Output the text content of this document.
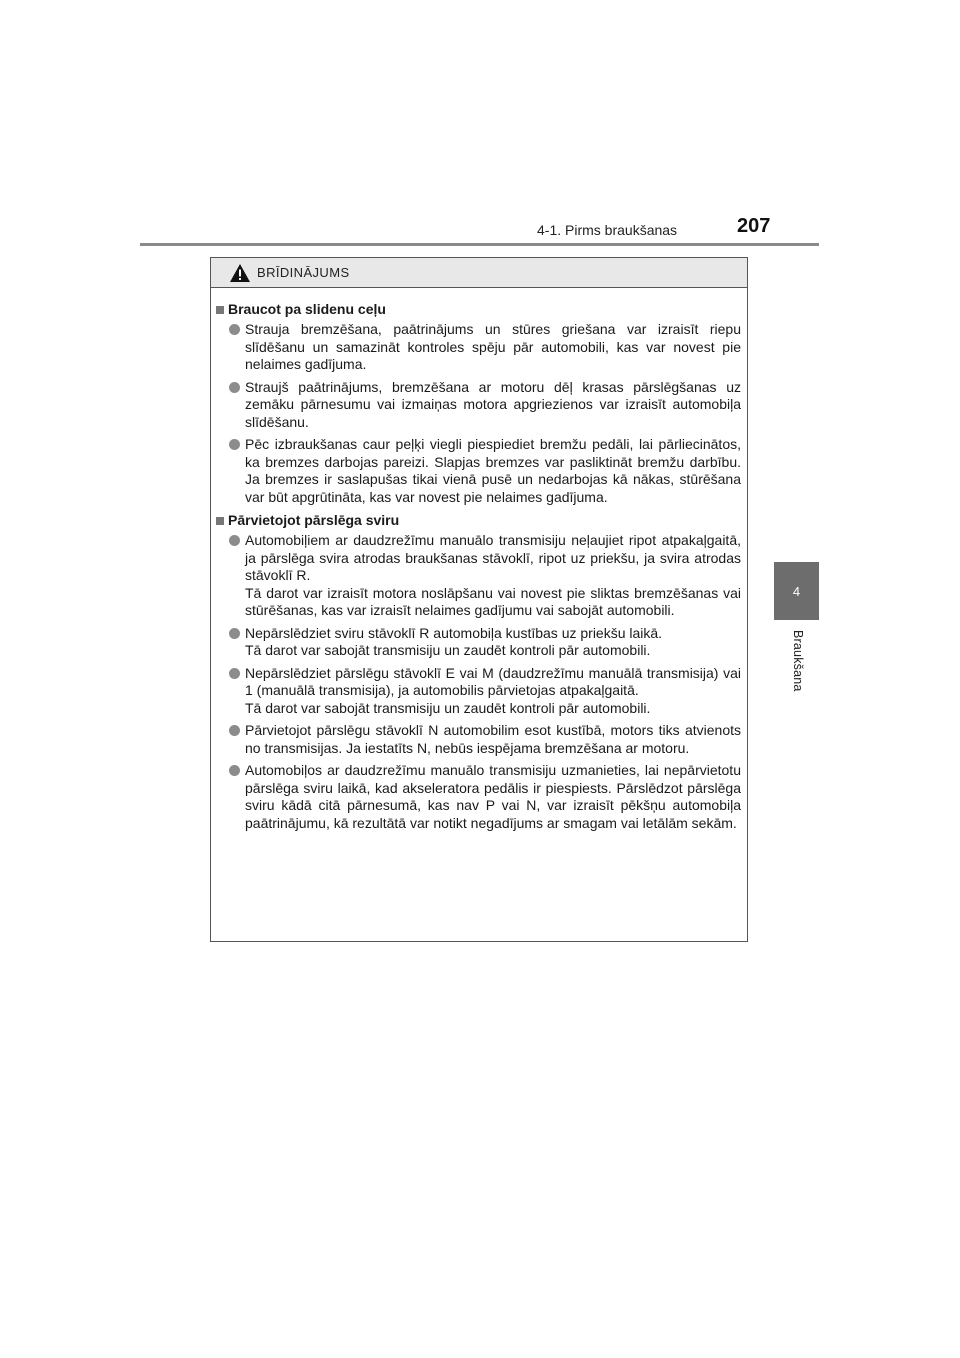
4-1. Pirms braukšanas	207
4
Braukšana
BRĪDINĀJUMS
Braucot pa slidenu ceļu
Strauja bremzēšana, paātrinājums un stūres griešana var izraisīt riepu slīdēšanu un samazināt kontroles spēju pār automobili, kas var novest pie nelaimes gadījuma.
Straujš paātrinājums, bremzēšana ar motoru dēļ krasas pārslēgšanas uz zemāku pārnesumu vai izmaiņas motora apgriezienos var izraisīt automobiļa slīdēšanu.
Pēc izbraukšanas caur peļķi viegli piespiediet bremžu pedāli, lai pārliecinātos, ka bremzes darbojas pareizi. Slapjas bremzes var pasliktināt bremžu darbību. Ja bremzes ir saslapušas tikai vienā pusē un nedarbojas kā nākas, stūrēšana var būt apgrūtināta, kas var novest pie nelaimes gadījuma.
Pārvietojot pārslēga sviru
Automobiļiem ar daudzrežīmu manuālo transmisiju neļaujiet ripot atpakaļgaitā, ja pārslēga svira atrodas braukšanas stāvoklī, ripot uz priekšu, ja svira atrodas stāvoklī R.
Tā darot var izraisīt motora noslāpšanu vai novest pie sliktas bremzēšanas vai stūrēšanas, kas var izraisīt nelaimes gadījumu vai sabojāt automobili.
Nepārslēdziet sviru stāvoklī R automobiļa kustības uz priekšu laikā.
Tā darot var sabojāt transmisiju un zaudēt kontroli pār automobili.
Nepārslēdziet pārslēgu stāvoklī E vai M (daudzrežīmu manuālā transmisija) vai 1 (manuālā transmisija), ja automobilis pārvietojas atpakaļgaitā.
Tā darot var sabojāt transmisiju un zaudēt kontroli pār automobili.
Pārvietojot pārslēgu stāvoklī N automobilim esot kustībā, motors tiks atvienots no transmisijas. Ja iestatīts N, nebūs iespējama bremzēšana ar motoru.
Automobiļos ar daudzrežīmu manuālo transmisiju uzmanieties, lai nepārvietotu pārslēga sviru laikā, kad akseleratora pedālis ir piespiests. Pārslēdzot pārslēga sviru kādā citā pārnesumā, kas nav P vai N, var izraisīt pēkšņu automobiļa paātrinājumu, kā rezultātā var notikt negadījums ar smagam vai letālām sekām.
